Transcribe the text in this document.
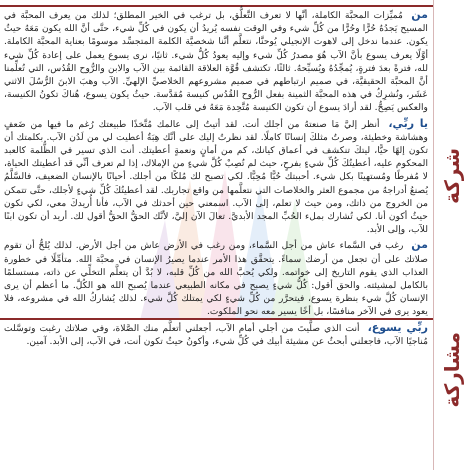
شركة
مشاركة

من مُميِّزات المحبَّة الكاملة، أنَّها لا تعرف التَّعلُّق، بل ترغب في الخير المطلق؛ لذلك من يعرف المحبَّة في المسيح يَجدُهُ حُرًّا وحُرًّا من كُلِّ شيء وفي الوقت نفسه يُريدُ أن يكون في كُلِّ شيء، حتَّى أنَّ الله يكون مَعَهُ حيثُ يكون. عندما ندخل إلى لاهوت الإنجيلي يُوحنَّا، نتعلَّم أنَّنا شخصيَّة الكلمة المتجسِّد موسومًا بعناية المحبَّة الكاملة. أوَّلًا يعرف يسوع بأنَّ الآب هُوَ مصدرُ كُلِّ شيء وإليه يعودُ كُلُّ شيء. ثانيًا، نرى يسوع يعمل على إعادة كُلِّ شيء لله، فترةً بعدَ فترةٍ، يُمجِّدُهُ ويُسبِّحهُ. ثالثًا، تكتشف قُوَّة العلاقة القائمة بين الآب والابن والرُّوح القُدُس، التي تُعلِّمنا أنَّ المحبَّة الحقيقيَّة، في صميم ارتباطهم في صميم مشروعهم الخلاصيِّ الإلهيِّ. الآب وهبَ الابنَ الرُّسُلَ الاثني عَشَر، ونُشرِكُ في هذه المحبَّة الثمينة بفعل الرُّوح القُدُس كنيسة مُقدَّسة. حيثُ يكون يسوع، هُناكَ تكونُ الكنيسة، والعكس يَصِحُّ. لقد أرادَ يسوع أن تكون الكنيسة مُتَّحِدة مَعَهُ في قلب الآب.

يا ربِّي، أنظر إليَّ مَا صنعتهُ من أجلك أنت. لقد أتيتُ إلى عالمك مُتَّخذًا طبيعتك رُغم ما فيها من ضَعفٍ وهشاشة وخطيئة، وصرتُ مثلكَ إنسانًا كاملًا. لقد نظرتُ إليك على أنَّك هِبَةٌ أعطيت لي من لَدُن الآب. بكلمتك أن تكون إلهًا حيًّا، ليتكَ تنكشف في أعماق كيانك، كم من أمانٍ ونعمةٍ أعطيتك. أنت الذي تسير في الظُّلمة كالعبد المحكوم عليه، أعطيتُكَ كُلِّ شيءٍ بفرحٍ، حيث لم تُصِبْ كُلَّ شيءٍ من الإملاك، إذا لم تعرف أنِّي قد أعطيتك الحياة، لا مُفرطًا ومُستهينًا بكل شيء. أحببتك حُبًّا مُحِبًّا. لكي تصبح لك مُلكًا من أجلك. أحيانًا بالإنسان الضعيف، فالسَّلَّمُ يُصنعُ أدراجهُ من مجموع العثر والخلاصات التي نتعلَّمها من واقع تجاربك. لقد أعطيتُكَ كُلِّ شيءٍ لأجلك، حتَّى تتمكن من الخروج من ذاتك، ومن حيث لا تعلم، إلى الآب. اسمعني حين أحدثك في الآب، فأنا أُريدكَ معي، لكي تكون حيثُ أكون أنا. لكي تُشارك بملء الحُبِّ المجد الأبديَّ. تعالَ الآن إليَّ، لأنَّك الحقُّ الحقُّ أقول لك. أريد أن تكون ابنًا للآب، وإلى الأبد.

من رغب في السَّماء عاش من أجل السَّماء، ومن رغب في الأرض عاش من أجل الأرض. لذلك يُلحُّ أن تقوم صلاتك على أن تجعل من أرضك سماءً. يتحقَّق هذا الأمر عندما يصيرُ الإنسان في محبَّة الله. متأمِّلًا في خطورة العذاب الذي يقوم التاريخ إلى خواتمه. ولكي يُحبَّ الله من كُلِّ قلبه، لا بُدَّ أن يتعلَّم التخلِّي عن ذاته، مستسلمًا بالكامل لمشيئته. والحق أقول: كُلُّ شيءٍ يصبح في مكانه الطبيعي عندما يُصبح الله هو الكُلَّ. ما أعظم أن يرى الإنسان كُلَّ شيء بنظرة يسوع، فيتحرَّر من كُلِّ شيءٍ لكي يمتلك كُلَّ شيء. لذلك يُشاركُ الله في مشروعه، فلا يعود يرى في الآخر منافسًا، بل أخًا يسير معه نحو الملكوت.

ربِّي يسوع، أنت الذي صلَّيتَ من أجلي أمام الآب، أجعلني أتعلَّم منك الصَّلاة، وفي صلاتك رغبت وتوسَّلت مُناجيًا الآب، فاجعلني أبحثُ عن مشيئة أبيك في كُلِّ شيء، وأكونُ حيثُ تكون أنت، في الآب، إلى الأبد. آمين.
